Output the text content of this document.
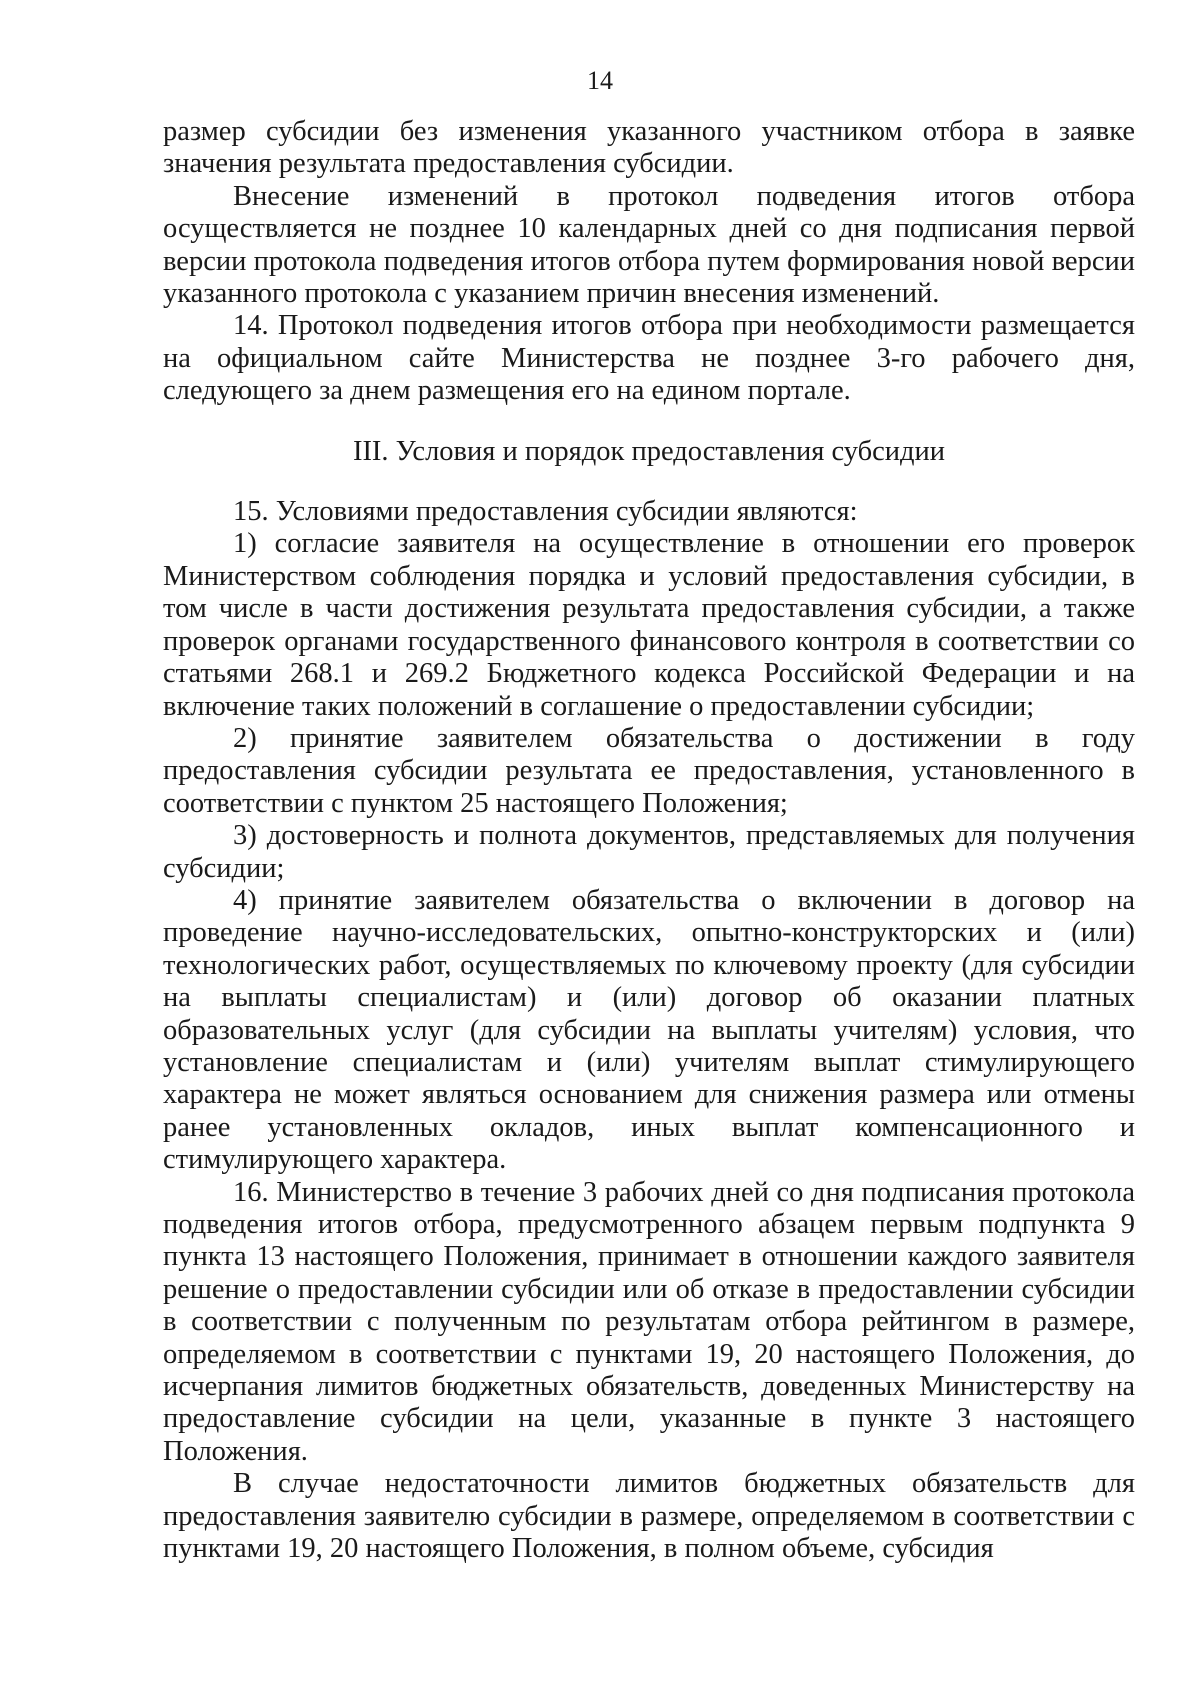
14

размер субсидии без изменения указанного участником отбора в заявке значения результата предоставления субсидии.

Внесение изменений в протокол подведения итогов отбора осуществляется не позднее 10 календарных дней со дня подписания первой версии протокола подведения итогов отбора путем формирования новой версии указанного протокола с указанием причин внесения изменений.

14. Протокол подведения итогов отбора при необходимости размещается на официальном сайте Министерства не позднее 3-го рабочего дня, следующего за днем размещения его на едином портале.

III. Условия и порядок предоставления субсидии

15. Условиями предоставления субсидии являются:

1) согласие заявителя на осуществление в отношении его проверок Министерством соблюдения порядка и условий предоставления субсидии, в том числе в части достижения результата предоставления субсидии, а также проверок органами государственного финансового контроля в соответствии со статьями 268.1 и 269.2 Бюджетного кодекса Российской Федерации и на включение таких положений в соглашение о предоставлении субсидии;

2) принятие заявителем обязательства о достижении в году предоставления субсидии результата ее предоставления, установленного в соответствии с пунктом 25 настоящего Положения;

3) достоверность и полнота документов, представляемых для получения субсидии;

4) принятие заявителем обязательства о включении в договор на проведение научно-исследовательских, опытно-конструкторских и (или) технологических работ, осуществляемых по ключевому проекту (для субсидии на выплаты специалистам) и (или) договор об оказании платных образовательных услуг (для субсидии на выплаты учителям) условия, что установление специалистам и (или) учителям выплат стимулирующего характера не может являться основанием для снижения размера или отмены ранее установленных окладов, иных выплат компенсационного и стимулирующего характера.

16. Министерство в течение 3 рабочих дней со дня подписания протокола подведения итогов отбора, предусмотренного абзацем первым подпункта 9 пункта 13 настоящего Положения, принимает в отношении каждого заявителя решение о предоставлении субсидии или об отказе в предоставлении субсидии в соответствии с полученным по результатам отбора рейтингом в размере, определяемом в соответствии с пунктами 19, 20 настоящего Положения, до исчерпания лимитов бюджетных обязательств, доведенных Министерству на предоставление субсидии на цели, указанные в пункте 3 настоящего Положения.

В случае недостаточности лимитов бюджетных обязательств для предоставления заявителю субсидии в размере, определяемом в соответствии с пунктами 19, 20 настоящего Положения, в полном объеме, субсидия
